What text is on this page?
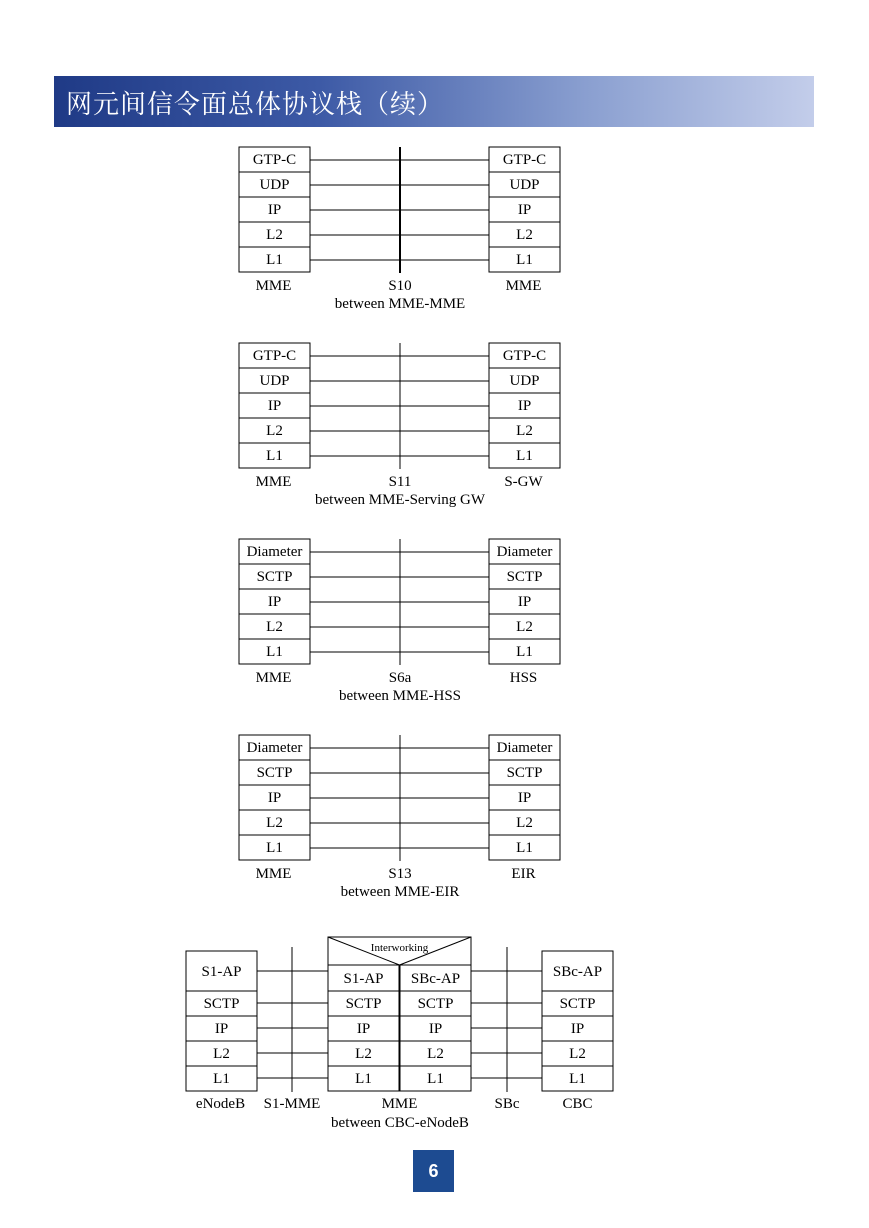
网元间信令面总体协议栈（续）
GTP-C
UDP
IP
L2
L1
GTP-C
UDP
IP
L2
L1
MME	S10	MME
between MME-MME
GTP-C
UDP
IP
L2
L1
GTP-C
UDP
IP
L2
L1
MME	S11	S-GW
between MME-Serving GW
Diameter
SCTP
IP
L2
L1
Diameter
SCTP
IP
L2
L1
MME	S6a	HSS
between MME-HSS
Diameter
SCTP
IP
L2
L1
Diameter
SCTP
IP
L2
L1
MME	S13	EIR
between MME-EIR
S1-AP
SCTP
IP
L2
L1
Interworking
S1-AP
SCTP
IP
L2
L1
SBc-AP
SCTP
IP
L2
L1
SBc-AP
SCTP
IP
L2
L1
eNodeB S1-MME	MME	SBc	CBC
between CBC-eNodeB
6
